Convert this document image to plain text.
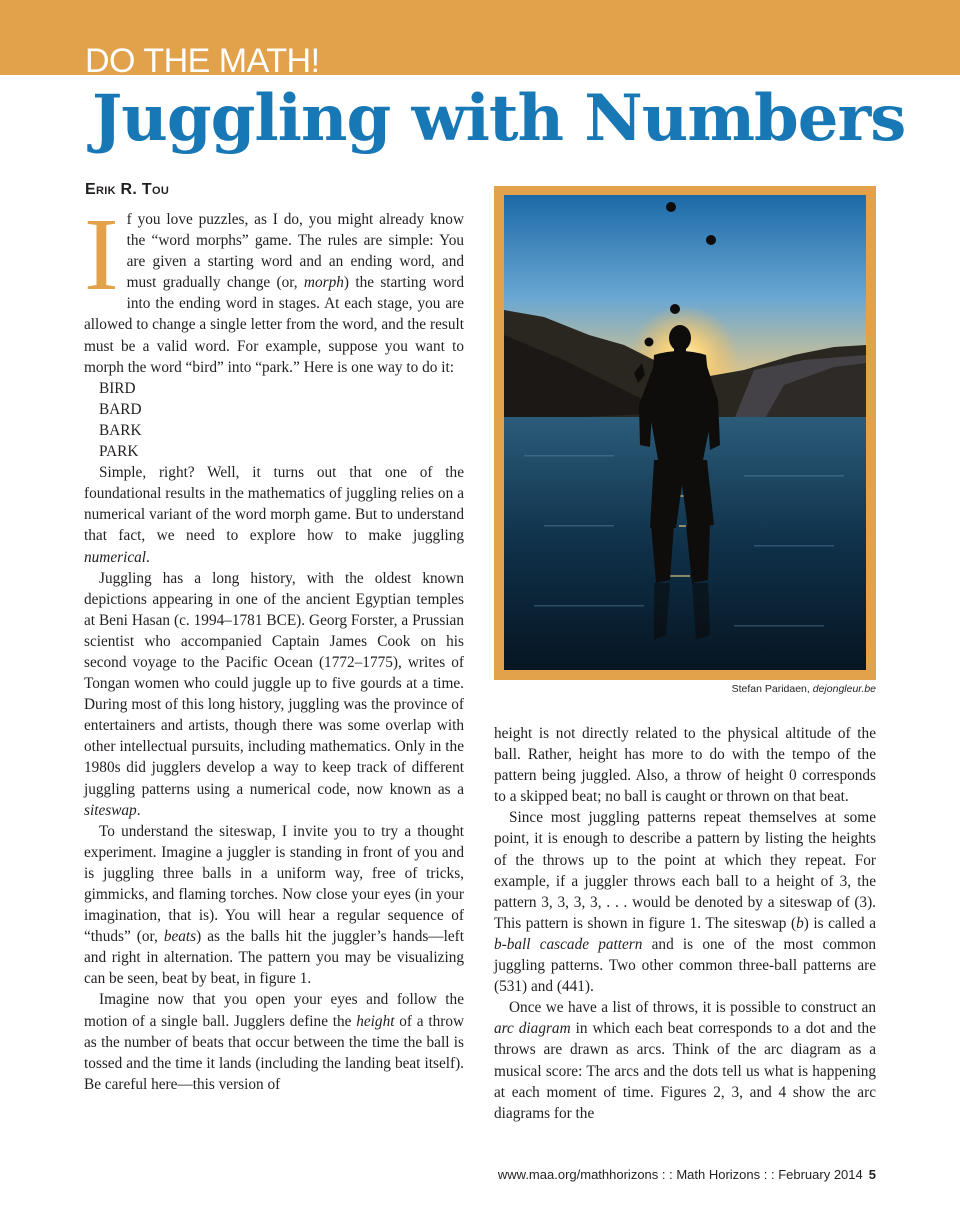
DO THE MATH!
Juggling with Numbers
Erik R. Tou

If you love puzzles, as I do, you might already know the “word morphs” game. The rules are simple: You are given a starting word and an ending word, and must gradually change (or, morph) the starting word into the ending word in stages. At each stage, you are allowed to change a single letter from the word, and the result must be a valid word. For example, suppose you want to morph the word “bird” into “park.” Here is one way to do it:

BIRD
BARD
BARK
PARK

Simple, right? Well, it turns out that one of the foundational results in the mathematics of juggling relies on a numerical variant of the word morph game. But to understand that fact, we need to explore how to make juggling numerical.

Juggling has a long history, with the oldest known depictions appearing in one of the ancient Egyptian temples at Beni Hasan (c. 1994–1781 BCE). Georg Forster, a Prussian scientist who accompanied Captain James Cook on his second voyage to the Pacific Ocean (1772–1775), writes of Tongan women who could juggle up to five gourds at a time. During most of this long history, juggling was the province of entertainers and artists, though there was some overlap with other intellectual pursuits, including mathematics. Only in the 1980s did jugglers develop a way to keep track of different juggling patterns using a numerical code, now known as a siteswap.

To understand the siteswap, I invite you to try a thought experiment. Imagine a juggler is standing in front of you and is juggling three balls in a uniform way, free of tricks, gimmicks, and flaming torches. Now close your eyes (in your imagination, that is). You will hear a regular sequence of “thuds” (or, beats) as the balls hit the juggler’s hands—left and right in alternation. The pattern you may be visualizing can be seen, beat by beat, in figure 1.

Imagine now that you open your eyes and follow the motion of a single ball. Jugglers define the height of a throw as the number of beats that occur between the time the ball is tossed and the time it lands (including the landing beat itself). Be careful here—this version of

Stefan Paridaen, dejongleur.be

height is not directly related to the physical altitude of the ball. Rather, height has more to do with the tempo of the pattern being juggled. Also, a throw of height 0 corresponds to a skipped beat; no ball is caught or thrown on that beat.

Since most juggling patterns repeat themselves at some point, it is enough to describe a pattern by listing the heights of the throws up to the point at which they repeat. For example, if a juggler throws each ball to a height of 3, the pattern 3, 3, 3, 3, . . . would be denoted by a siteswap of (3). This pattern is shown in figure 1. The siteswap (b) is called a b-ball cascade pattern and is one of the most common juggling patterns. Two other common three-ball patterns are (531) and (441).

Once we have a list of throws, it is possible to construct an arc diagram in which each beat corresponds to a dot and the throws are drawn as arcs. Think of the arc diagram as a musical score: The arcs and the dots tell us what is happening at each moment of time. Figures 2, 3, and 4 show the arc diagrams for the

www.maa.org/mathhorizons : : Math Horizons : : February 2014 5
